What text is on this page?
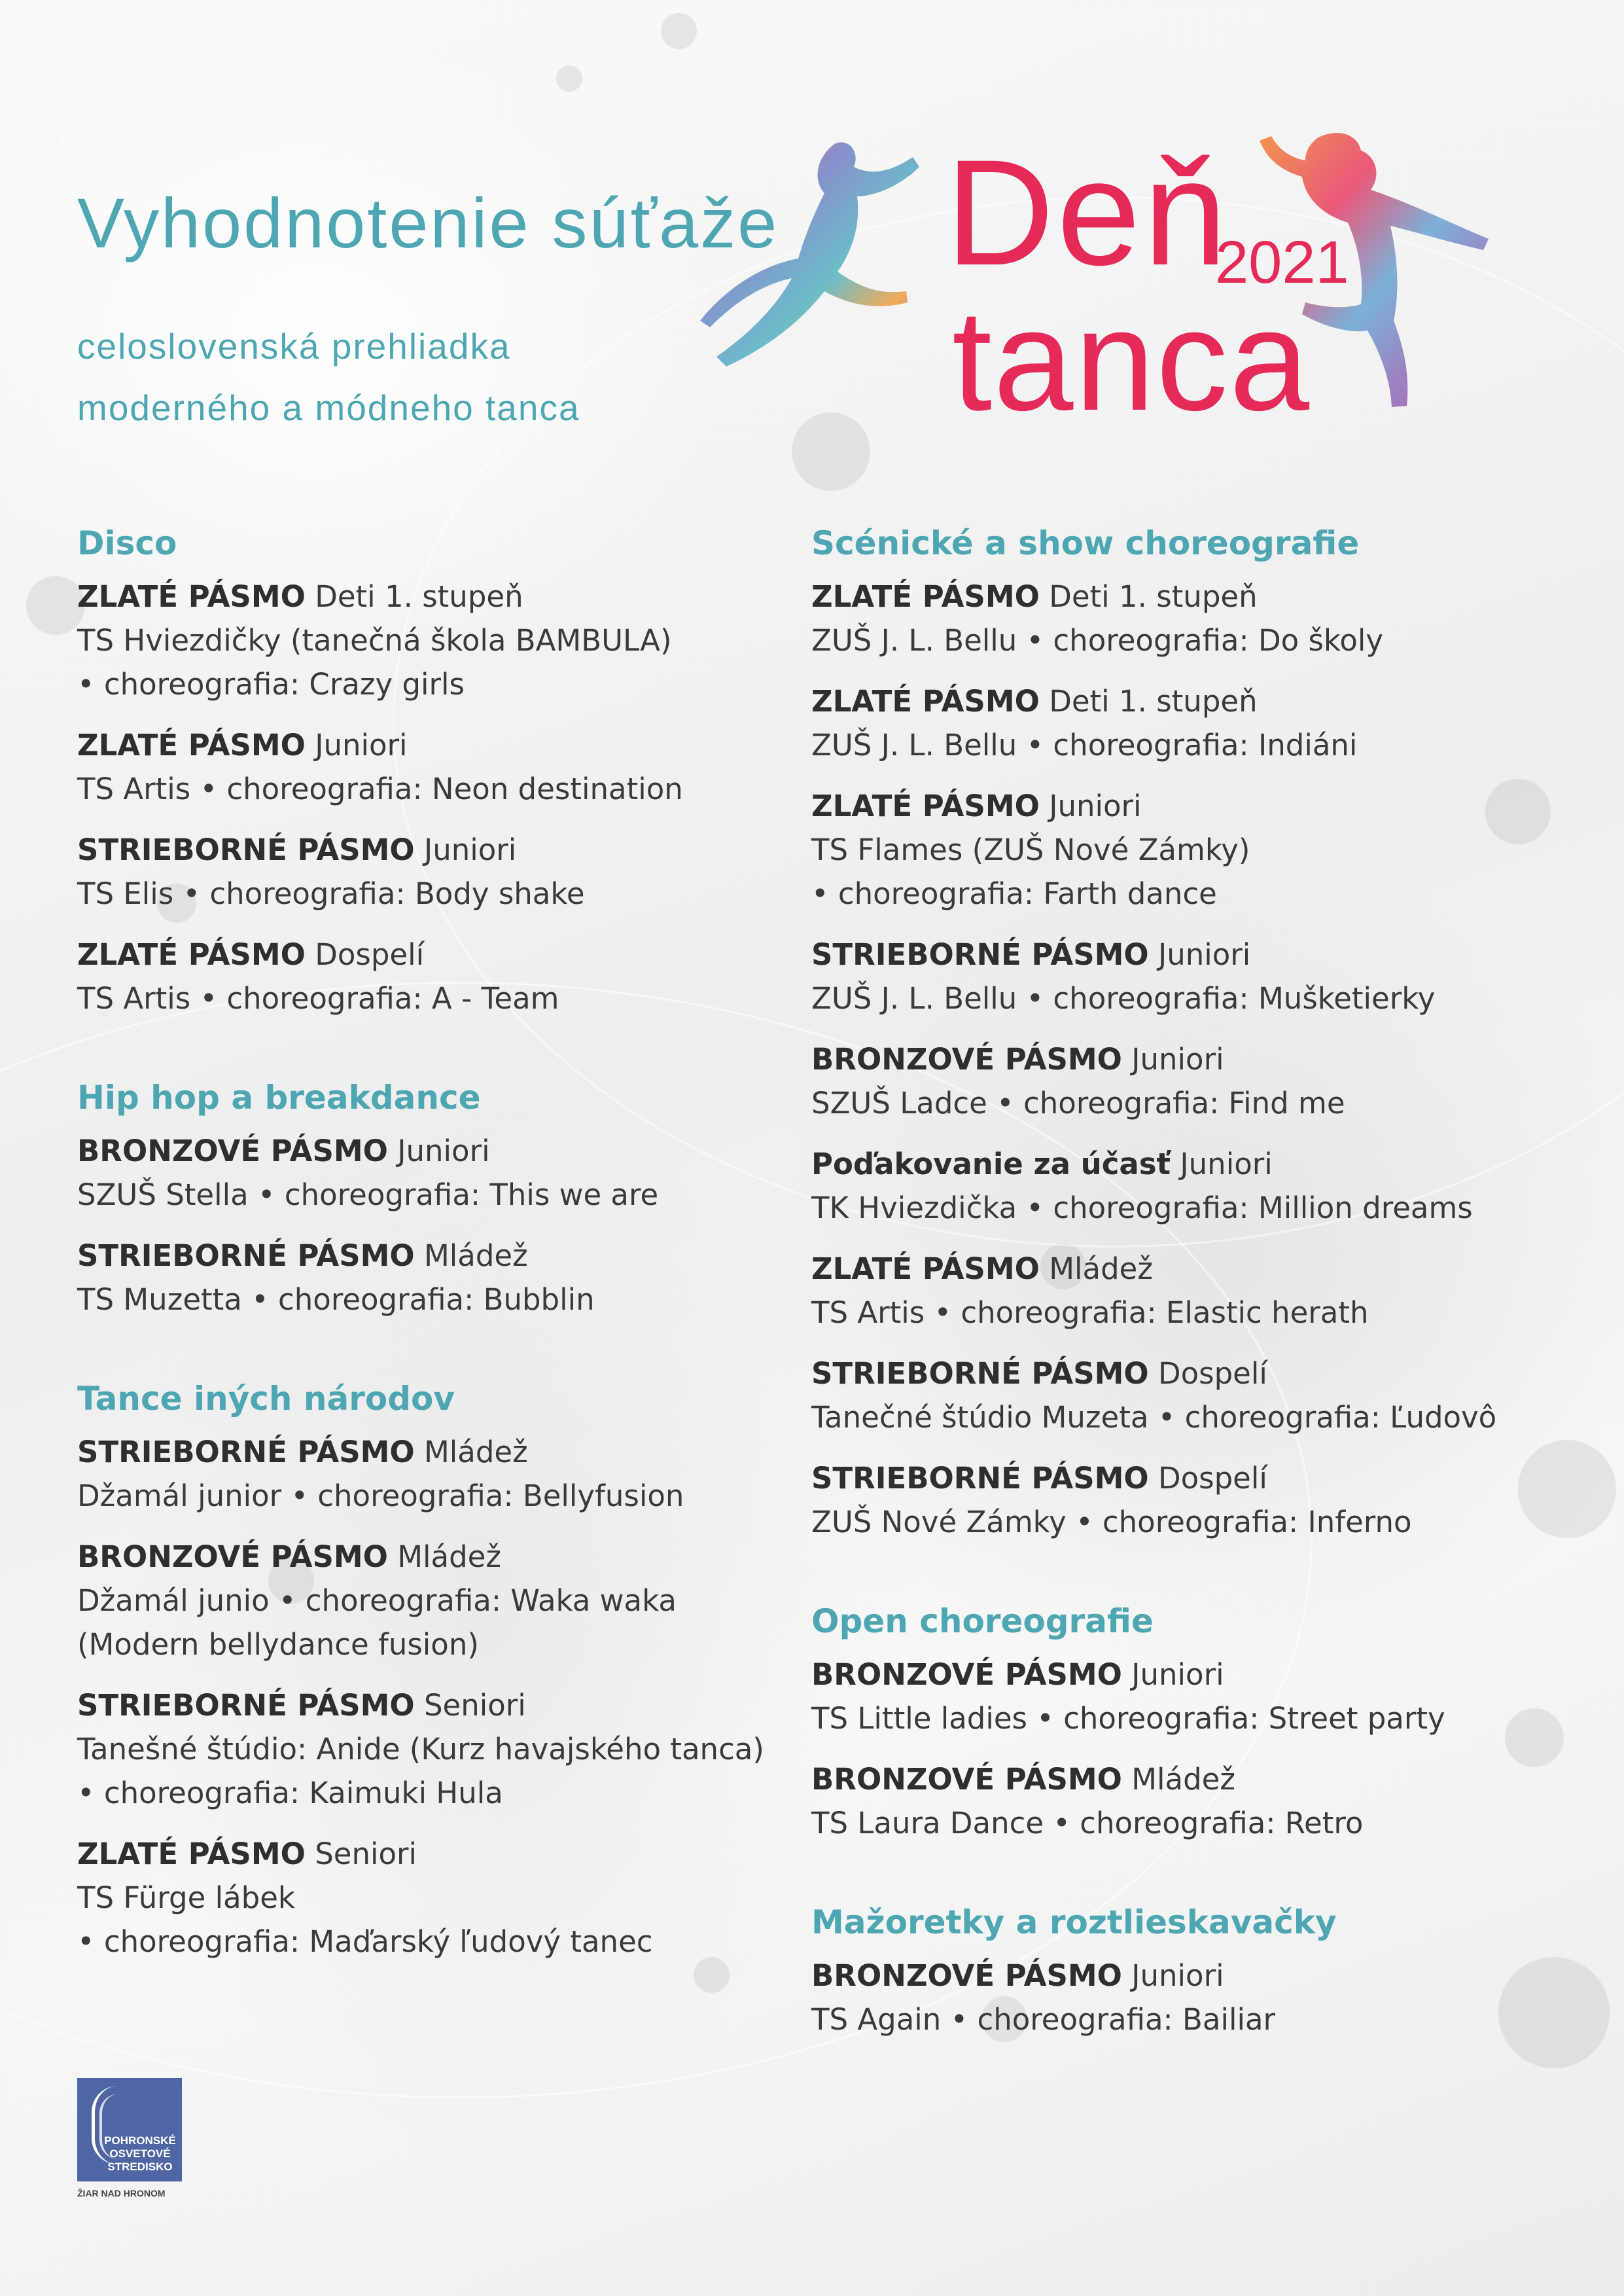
Vyhodnotenie súťaže
celoslovenská prehliadka
moderného a módneho tanca
Deň
2021
tanca
Disco
ZLATÉ PÁSMO Deti 1. stupeň
TS Hviezdičky (tanečná škola BAMBULA)
• choreografia: Crazy girls
ZLATÉ PÁSMO Juniori
TS Artis • choreografia: Neon destination
STRIEBORNÉ PÁSMO Juniori
TS Elis • choreografia: Body shake
ZLATÉ PÁSMO Dospelí
TS Artis • choreografia: A - Team
Hip hop a breakdance
BRONZOVÉ PÁSMO Juniori
SZUŠ Stella • choreografia: This we are
STRIEBORNÉ PÁSMO Mládež
TS Muzetta • choreografia: Bubblin
Tance iných národov
STRIEBORNÉ PÁSMO Mládež
Džamál junior • choreografia: Bellyfusion
BRONZOVÉ PÁSMO Mládež
Džamál junio • choreografia: Waka waka
(Modern bellydance fusion)
STRIEBORNÉ PÁSMO Seniori
Tanešné štúdio: Anide (Kurz havajského tanca)
• choreografia: Kaimuki Hula
ZLATÉ PÁSMO Seniori
TS Fürge lábek
• choreografia: Maďarský ľudový tanec
Scénické a show choreografie
ZLATÉ PÁSMO Deti 1. stupeň
ZUŠ J. L. Bellu • choreografia: Do školy
ZLATÉ PÁSMO Deti 1. stupeň
ZUŠ J. L. Bellu • choreografia: Indiáni
ZLATÉ PÁSMO Juniori
TS Flames (ZUŠ Nové Zámky)
• choreografia: Farth dance
STRIEBORNÉ PÁSMO Juniori
ZUŠ J. L. Bellu • choreografia: Mušketierky
BRONZOVÉ PÁSMO Juniori
SZUŠ Ladce • choreografia: Find me
Poďakovanie za účasť Juniori
TK Hviezdička • choreografia: Million dreams
ZLATÉ PÁSMO Mládež
TS Artis • choreografia: Elastic herath
STRIEBORNÉ PÁSMO Dospelí
Tanečné štúdio Muzeta • choreografia: Ľudovô
STRIEBORNÉ PÁSMO Dospelí
ZUŠ Nové Zámky • choreografia: Inferno
Open choreografie
BRONZOVÉ PÁSMO Juniori
TS Little ladies • choreografia: Street party
BRONZOVÉ PÁSMO Mládež
TS Laura Dance • choreografia: Retro
Mažoretky a roztlieskavačky
BRONZOVÉ PÁSMO Juniori
TS Again • choreografia: Bailiar
POHRONSKÉ
OSVETOVÉ
STREDISKO
ŽIAR NAD HRONOM
